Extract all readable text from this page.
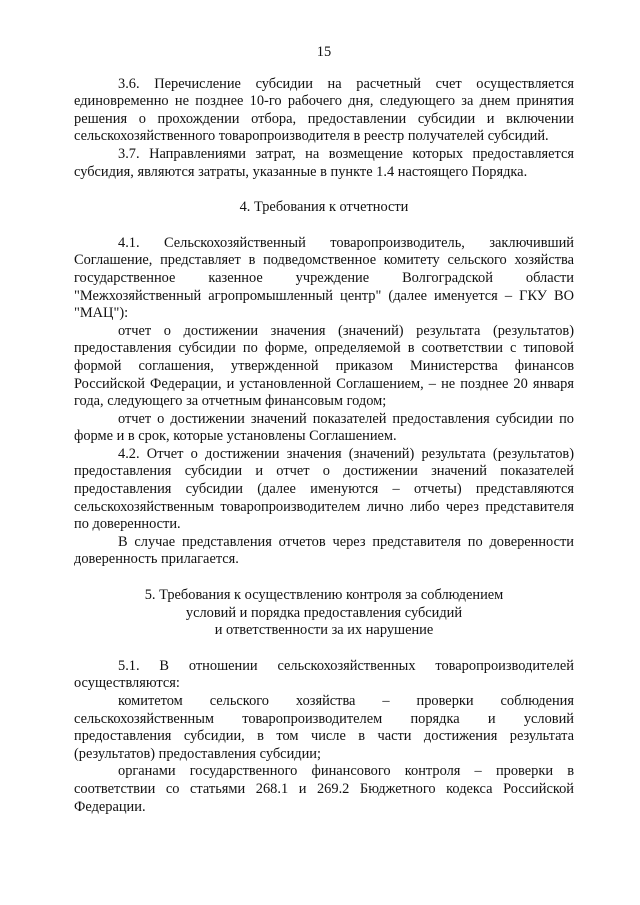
15

3.6. Перечисление субсидии на расчетный счет осуществляется единовременно не позднее 10-го рабочего дня, следующего за днем принятия решения о прохождении отбора, предоставлении субсидии и включении сельскохозяйственного товаропроизводителя в реестр получателей субсидий.

3.7. Направлениями затрат, на возмещение которых предоставляется субсидия, являются затраты, указанные в пункте 1.4 настоящего Порядка.

4. Требования к отчетности

4.1. Сельскохозяйственный товаропроизводитель, заключивший Соглашение, представляет в подведомственное комитету сельского хозяйства государственное казенное учреждение Волгоградской области "Межхозяйственный агропромышленный центр" (далее именуется – ГКУ ВО "МАЦ"):

отчет о достижении значения (значений) результата (результатов) предоставления субсидии по форме, определяемой в соответствии с типовой формой соглашения, утвержденной приказом Министерства финансов Российской Федерации, и установленной Соглашением, – не позднее 20 января года, следующего за отчетным финансовым годом;

отчет о достижении значений показателей предоставления субсидии по форме и в срок, которые установлены Соглашением.

4.2. Отчет о достижении значения (значений) результата (результатов) предоставления субсидии и отчет о достижении значений показателей предоставления субсидии (далее именуются – отчеты) представляются сельскохозяйственным товаропроизводителем лично либо через представителя по доверенности.

В случае представления отчетов через представителя по доверенности доверенность прилагается.

5. Требования к осуществлению контроля за соблюдением

условий и порядка предоставления субсидий

и ответственности за их нарушение

5.1. В отношении сельскохозяйственных товаропроизводителей осуществляются:

комитетом сельского хозяйства – проверки соблюдения сельскохозяйственным товаропроизводителем порядка и условий предоставления субсидии, в том числе в части достижения результата (результатов) предоставления субсидии;

органами государственного финансового контроля – проверки в соответствии со статьями 268.1 и 269.2 Бюджетного кодекса Российской Федерации.
